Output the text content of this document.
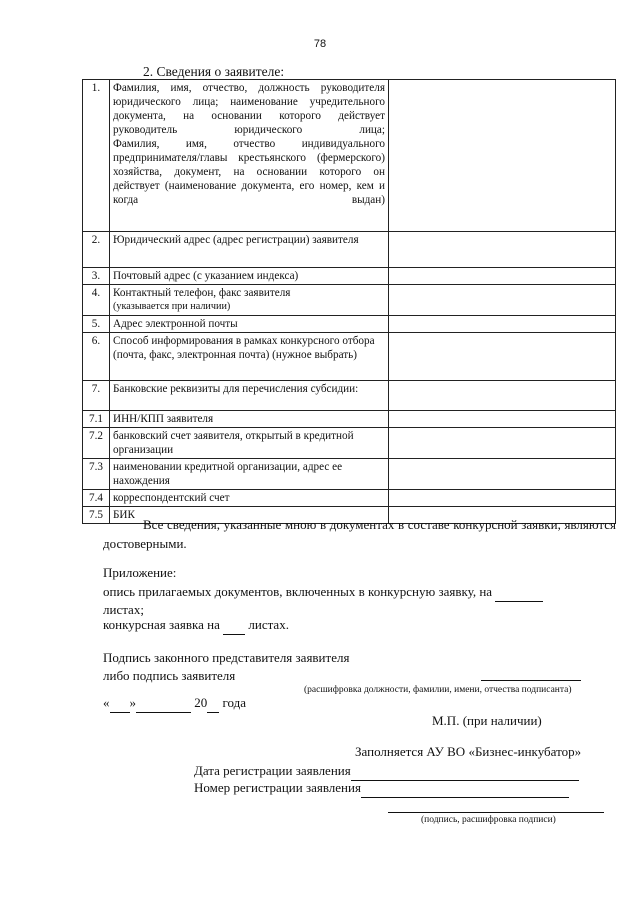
78
2. Сведения о заявителе:
1.	Фамилия, имя, отчество, должность руководителя юридического лица; наименование учредительного документа, на основании которого действует руководитель юридического лица;
Фамилия, имя, отчество индивидуального предпринимателя/главы крестьянского (фермерского) хозяйства, документ, на основании которого он действует (наименование документа, его номер, кем и когда выдан)	

2.	Юридический адрес (адрес регистрации) заявителя	
3.	Почтовый адрес (с указанием индекса)	
4.	Контактный телефон, факс заявителя
(указывается при наличии)	

5.	Адрес электронной почты	
6.	Способ информирования в рамках конкурсного отбора (почта, факс, электронная почта) (нужное выбрать)	
7.	Банковские реквизиты для перечисления субсидии:	
7.1	ИНН/КПП заявителя	
7.2	банковский счет заявителя, открытый в кредитной организации	
7.3	наименовании кредитной организации, адрес ее нахождения	
7.4	корреспондентский счет	
7.5	БИК	
Все сведения, указанные мною в документах в составе конкурсной заявки, являются достоверными.
Приложение:
опись прилагаемых документов, включенных в конкурсную заявку, на
листах;
конкурсная заявка на листах.
Подпись законного представителя заявителя
либо подпись заявителя
(расшифровка должности, фамилии, имени, отчества подписанта)
« »	20 года
М.П. (при наличии)
Заполняется АУ ВО «Бизнес-инкубатор»
Дата регистрации заявления
Номер регистрации заявления
(подпись, расшифровка подписи)
